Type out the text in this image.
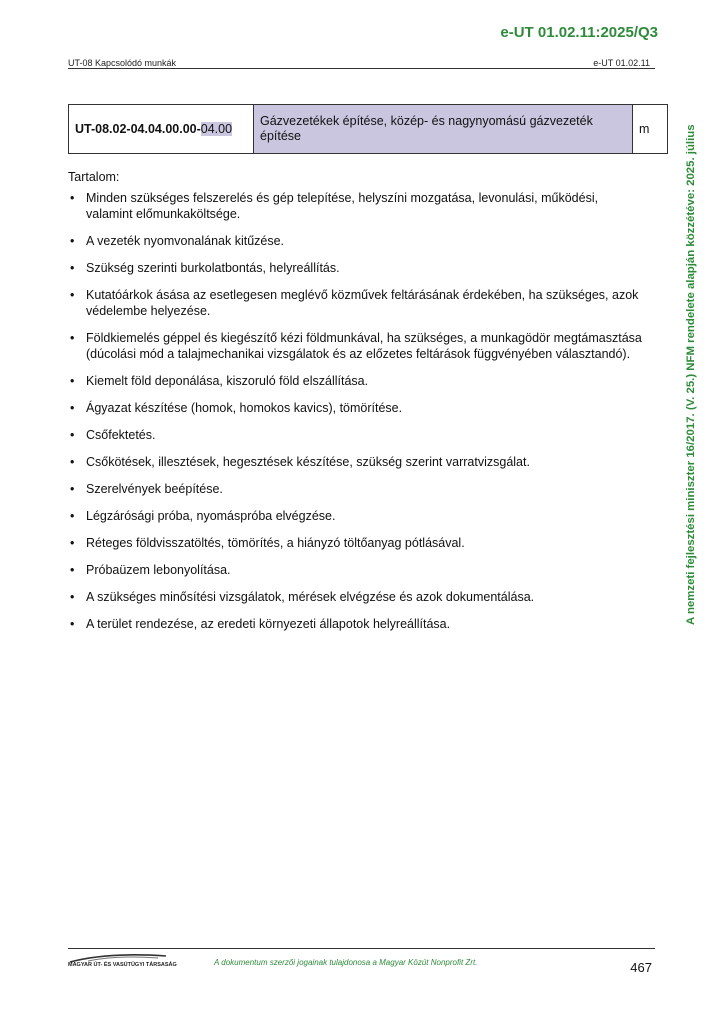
e-UT 01.02.11:2025/Q3
UT-08 Kapcsolódó munkák	e-UT 01.02.11
A nemzeti fejlesztési miniszter 16/2017. (V. 25.) NFM rendelete alapján közzétéve: 2025. július
UT-08.02-04.04.00.00-04.00	Gázvezetékek építése, közép- és nagynyomású gázvezeték építése	m
Tartalom:
• Minden szükséges felszerelés és gép telepítése, helyszíni mozgatása, levonulási, működési, valamint előmunkaköltsége.
• A vezeték nyomvonalának kitűzése.
• Szükség szerinti burkolatbontás, helyreállítás.
• Kutatóárkok ásása az esetlegesen meglévő közművek feltárásának érdekében, ha szükséges, azok védelembe helyezése.
• Földkiemelés géppel és kiegészítő kézi földmunkával, ha szükséges, a munkagödör megtámasztása (dúcolási mód a talajmechanikai vizsgálatok és az előzetes feltárások függvényében választandó).
• Kiemelt föld deponálása, kiszoruló föld elszállítása.
• Ágyazat készítése (homok, homokos kavics), tömörítése.
• Csőfektetés.
• Csőkötések, illesztések, hegesztések készítése, szükség szerint varratvizsgálat.
• Szerelvények beépítése.
• Légzárósági próba, nyomáspróba elvégzése.
• Réteges földvisszatöltés, tömörítés, a hiányzó töltőanyag pótlásával.
• Próbaüzem lebonyolítása.
• A szükséges minősítési vizsgálatok, mérések elvégzése és azok dokumentálása.
• A terület rendezése, az eredeti környezeti állapotok helyreállítása.
MAGYAR ÚT- ÉS VASÚTÜGYI TÁRSASÁG	A dokumentum szerzői jogainak tulajdonosa a Magyar Közút Nonprofit Zrt.	467
